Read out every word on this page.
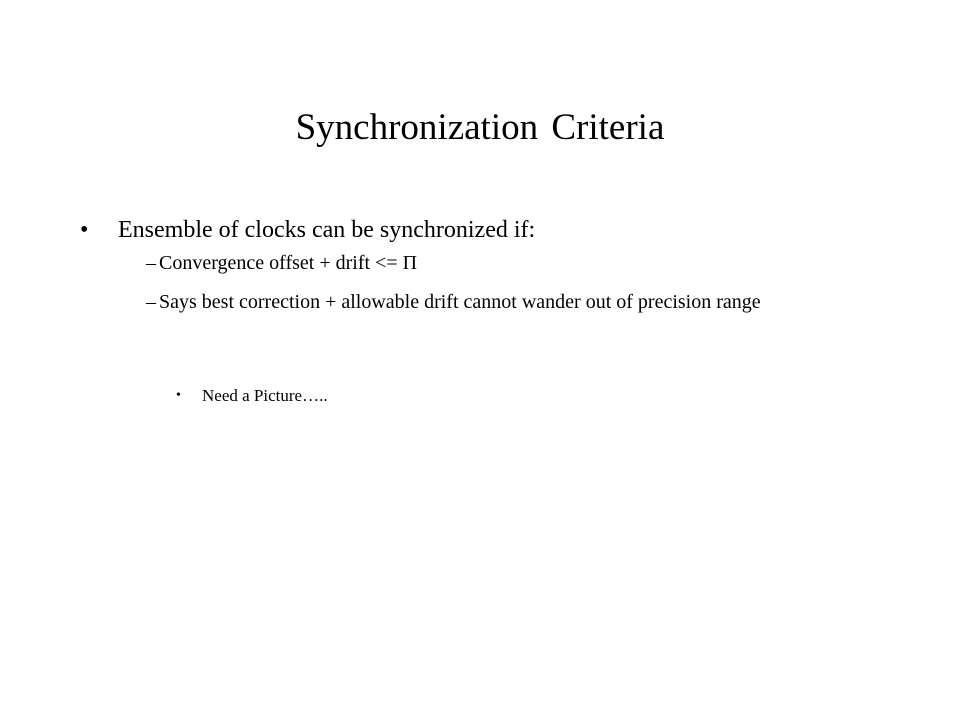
Synchronization Criteria
•	Ensemble of clocks can be synchronized if:
– Convergence offset + drift <= Π
– Says best correction + allowable drift cannot wander out of precision range
•	Need a Picture…..
